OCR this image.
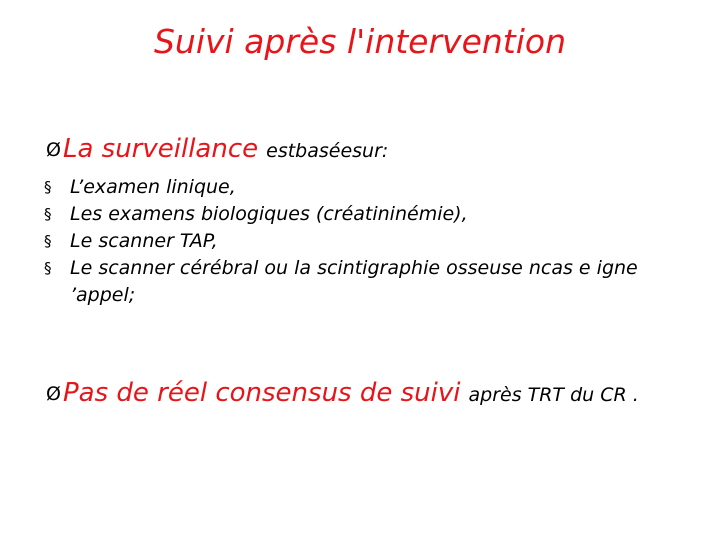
Suivi après l'intervention
Ø La surveillance estbaséesur:
§ L’examen linique,
§ Les examens biologiques (créatininémie),
§ Le scanner TAP,
§ Le scanner cérébral ou la scintigraphie osseuse ncas e igne ’appel;
Ø Pas de réel consensus de suivi après TRT du CR .
